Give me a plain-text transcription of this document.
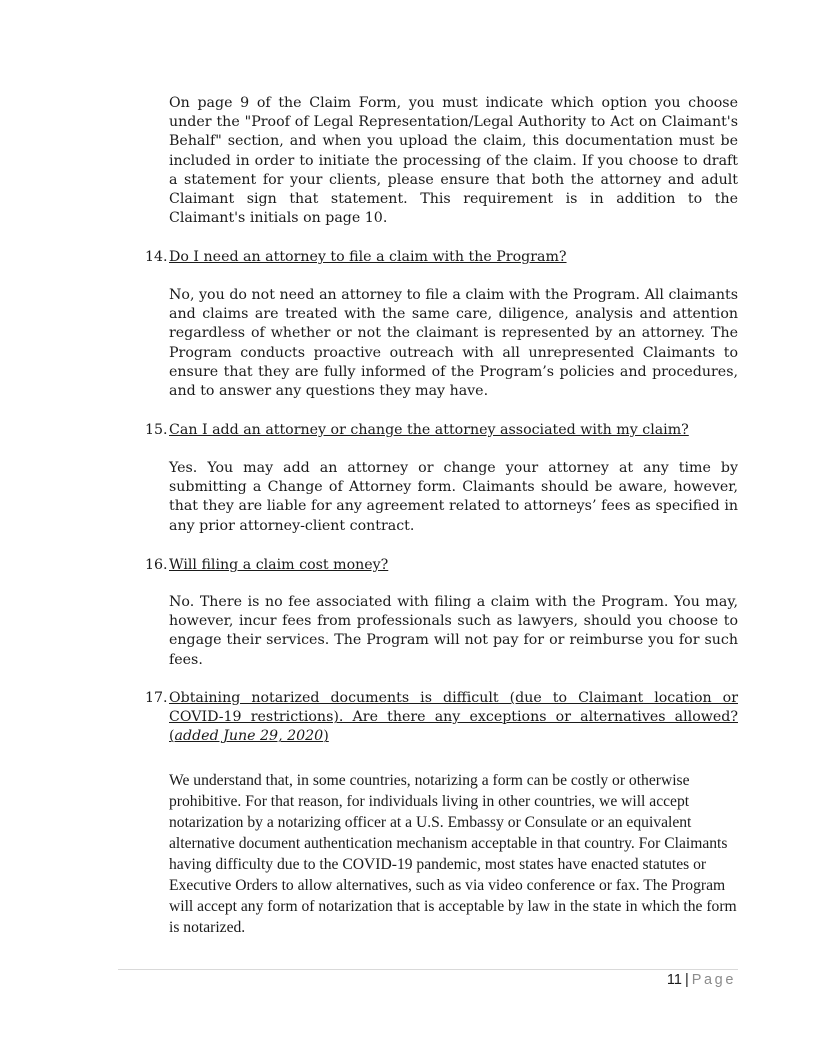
On page 9 of the Claim Form, you must indicate which option you choose under the "Proof of Legal Representation/Legal Authority to Act on Claimant's Behalf" section, and when you upload the claim, this documentation must be included in order to initiate the processing of the claim. If you choose to draft a statement for your clients, please ensure that both the attorney and adult Claimant sign that statement. This requirement is in addition to the Claimant's initials on page 10.

14. Do I need an attorney to file a claim with the Program?

No, you do not need an attorney to file a claim with the Program. All claimants and claims are treated with the same care, diligence, analysis and attention regardless of whether or not the claimant is represented by an attorney. The Program conducts proactive outreach with all unrepresented Claimants to ensure that they are fully informed of the Program’s policies and procedures, and to answer any questions they may have.

15. Can I add an attorney or change the attorney associated with my claim?

Yes. You may add an attorney or change your attorney at any time by submitting a Change of Attorney form. Claimants should be aware, however, that they are liable for any agreement related to attorneys’ fees as specified in any prior attorney-client contract.

16. Will filing a claim cost money?

No. There is no fee associated with filing a claim with the Program. You may, however, incur fees from professionals such as lawyers, should you choose to engage their services. The Program will not pay for or reimburse you for such fees.

17. Obtaining notarized documents is difficult (due to Claimant location or COVID-19 restrictions). Are there any exceptions or alternatives allowed? (added June 29, 2020)

We understand that, in some countries, notarizing a form can be costly or otherwise prohibitive. For that reason, for individuals living in other countries, we will accept notarization by a notarizing officer at a U.S. Embassy or Consulate or an equivalent alternative document authentication mechanism acceptable in that country. For Claimants having difficulty due to the COVID-19 pandemic, most states have enacted statutes or Executive Orders to allow alternatives, such as via video conference or fax. The Program will accept any form of notarization that is acceptable by law in the state in which the form is notarized.

11 | Page
